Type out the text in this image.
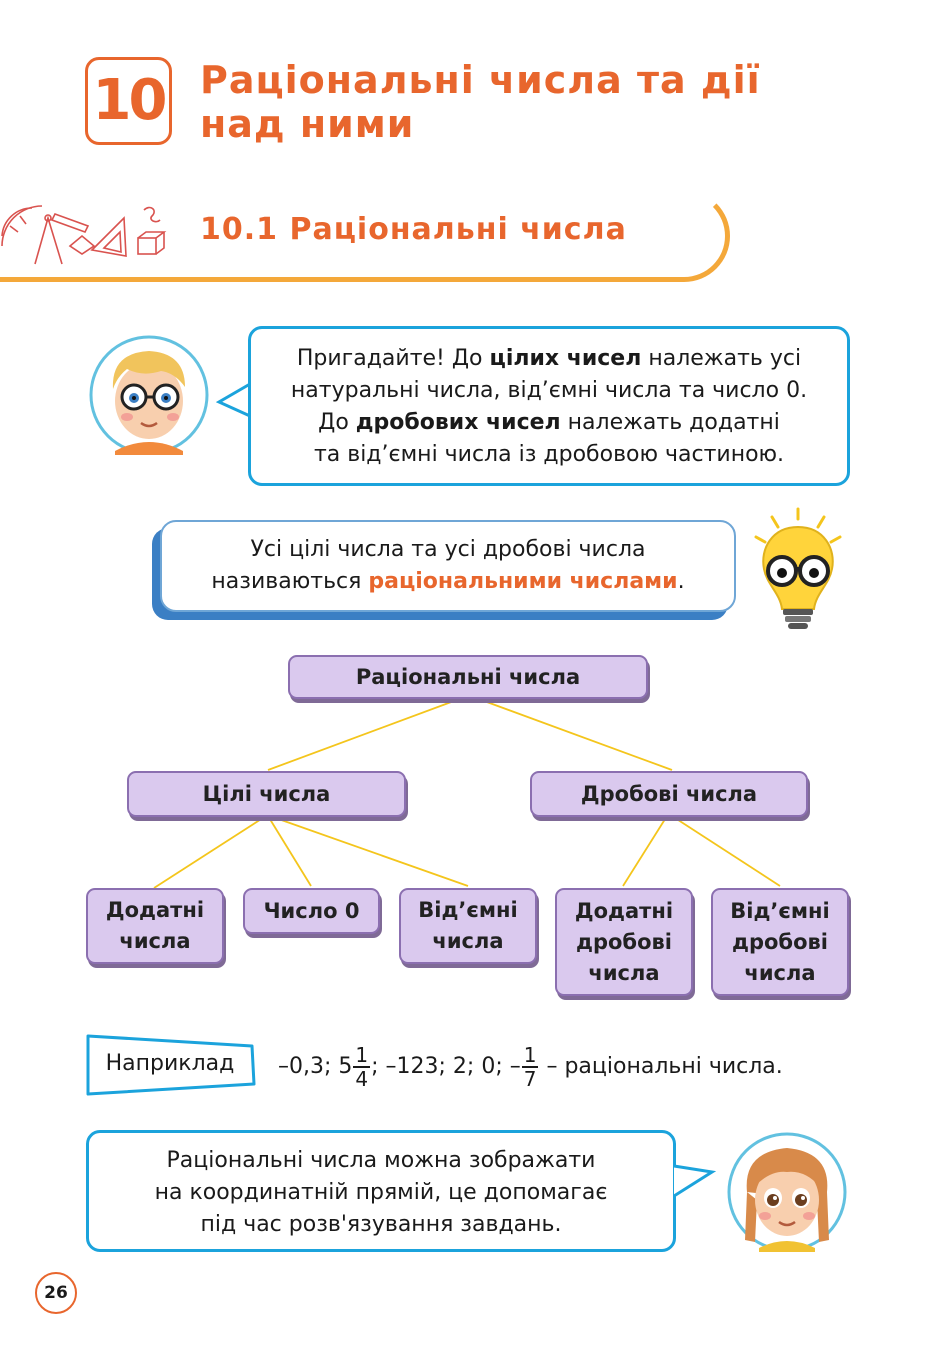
10 Раціональні числа та дії
над ними
10.1 Раціональні числа
Пригадайте! До цілих чисел належать усі
натуральні числа, від’ємні числа та число 0.
До дробових чисел належать додатні
та від’ємні числа із дробовою частиною.
Усі цілі числа та усі дробові числа
називаються раціональними числами.
Раціональні числа
Цілі числа	Дробові числа
Додатні
числа
Число 0	Від’ємні
числа
Додатні
дробові
числа
Від’ємні
дробові
числа
Наприклад	–0,3; $5 \frac{1}{4}$ ; –123; 2; 0; – $\frac{1}{7}$ – раціональні числа.
Раціональні числа можна зображати
на координатній прямій, це допомагає
під час розв'язування завдань.
26
